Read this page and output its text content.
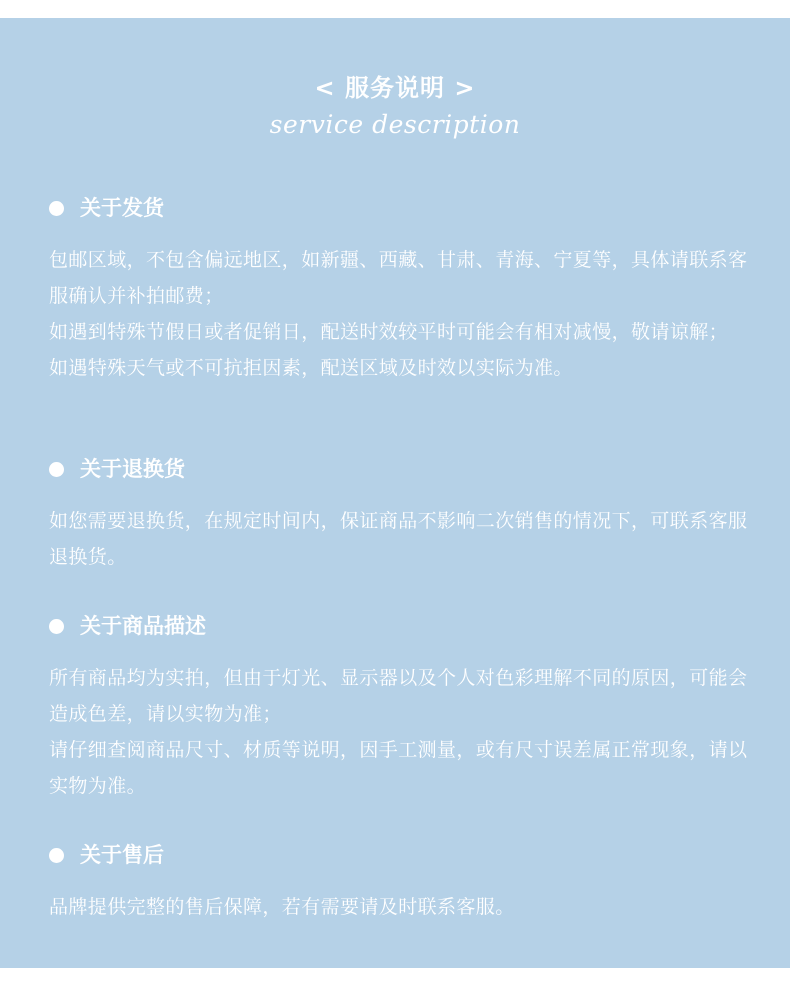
< 服务说明 >
service description
关于发货

包邮区域，不包含偏远地区，如新疆、西藏、甘肃、青海、宁夏等，具体请联系客服确认并补拍邮费；

如遇到特殊节假日或者促销日，配送时效较平时可能会有相对减慢，敬请谅解；

如遇特殊天气或不可抗拒因素，配送区域及时效以实际为准。

关于退换货

如您需要退换货，在规定时间内，保证商品不影响二次销售的情况下，可联系客服退换货。

关于商品描述

所有商品均为实拍，但由于灯光、显示器以及个人对色彩理解不同的原因，可能会造成色差，请以实物为准；

请仔细查阅商品尺寸、材质等说明，因手工测量，或有尺寸误差属正常现象，请以实物为准。

关于售后

品牌提供完整的售后保障，若有需要请及时联系客服。
